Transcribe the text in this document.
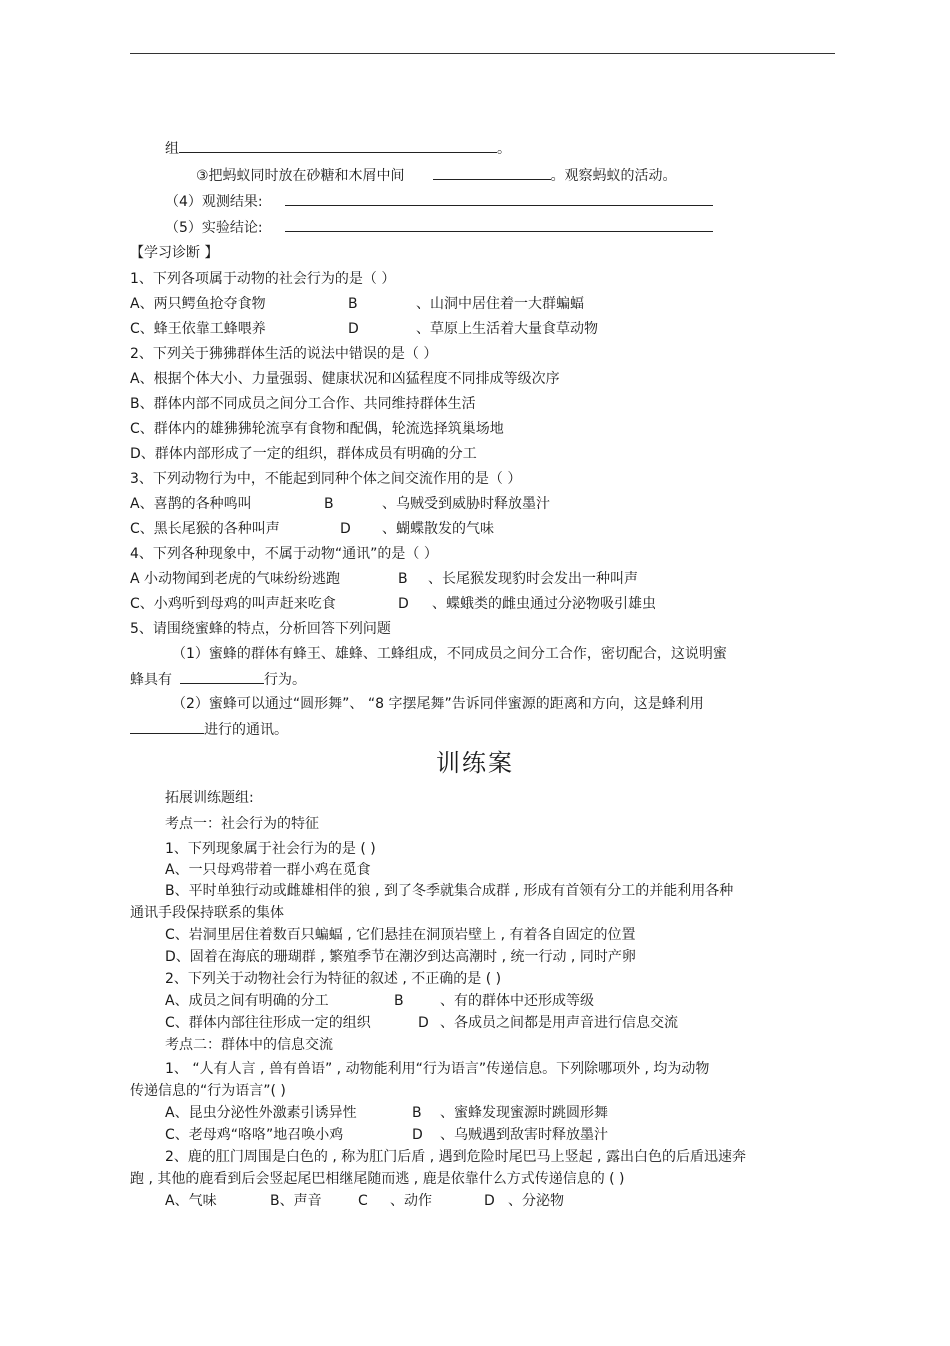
组	。
③把蚂蚁同时放在砂糖和木屑中间	。观察蚂蚁的活动。
（4）观测结果:
（5）实验结论:
【学习诊断 】
1、下列各项属于动物的社会行为的是（ ）
A、两只鳄鱼抢夺食物	B	、山洞中居住着一大群蝙蝠
C、蜂王依靠工蜂喂养	D	、草原上生活着大量食草动物
2、下列关于狒狒群体生活的说法中错误的是（ ）
A、根据个体大小、力量强弱、健康状况和凶猛程度不同排成等级次序
B、群体内部不同成员之间分工合作、共同维持群体生活
C、群体内的雄狒狒轮流享有食物和配偶，轮流选择筑巢场地
D、群体内部形成了一定的组织，群体成员有明确的分工
3、下列动物行为中，不能起到同种个体之间交流作用的是（ ）
A、喜鹊的各种鸣叫	B	、乌贼受到威胁时释放墨汁
C、黑长尾猴的各种叫声	D 、蝴蝶散发的气味
4、下列各种现象中，不属于动物“通讯”的是（ ）
A 小动物闻到老虎的气味纷纷逃跑	B 、长尾猴发现豹时会发出一种叫声
C、小鸡听到母鸡的叫声赶来吃食	D 、蝶蛾类的雌虫通过分泌物吸引雄虫
5、请围绕蜜蜂的特点，分析回答下列问题
（1）蜜蜂的群体有蜂王、雄蜂、工蜂组成，不同成员之间分工合作，密切配合，这说明蜜
蜂具有	行为。
（2）蜜蜂可以通过“圆形舞”、 “8 字摆尾舞”告诉同伴蜜源的距离和方向，这是蜂利用
进行的通讯。
训练案
拓展训练题组:
考点一：社会行为的特征
1、下列现象属于社会行为的是 ( )
A、一只母鸡带着一群小鸡在觅食
B、平时单独行动或雌雄相伴的狼 , 到了冬季就集合成群 , 形成有首领有分工的并能利用各种
通讯手段保持联系的集体
C、岩洞里居住着数百只蝙蝠 , 它们悬挂在洞顶岩壁上 , 有着各自固定的位置
D、固着在海底的珊瑚群 , 繁殖季节在潮汐到达高潮时 , 统一行动 , 同时产卵
2、下列关于动物社会行为特征的叙述 , 不正确的是 ( )
A、成员之间有明确的分工	B	、有的群体中还形成等级
C、群体内部往往形成一定的组织	D 、各成员之间都是用声音进行信息交流
考点二：群体中的信息交流
1、 “人有人言 , 兽有兽语” , 动物能利用“行为语言”传递信息。下列除哪项外 , 均为动物
传递信息的“行为语言”( )
A、昆虫分泌性外激素引诱异性	B 、蜜蜂发现蜜源时跳圆形舞
C、老母鸡“咯咯”地召唤小鸡	D 、乌贼遇到敌害时释放墨汁
2、鹿的肛门周围是白色的 , 称为肛门后盾 , 遇到危险时尾巴马上竖起 , 露出白色的后盾迅速奔
跑 , 其他的鹿看到后会竖起尾巴相继尾随而逃 , 鹿是依靠什么方式传递信息的 ( )
A、气味	B、声音	C 、动作	D 、分泌物
